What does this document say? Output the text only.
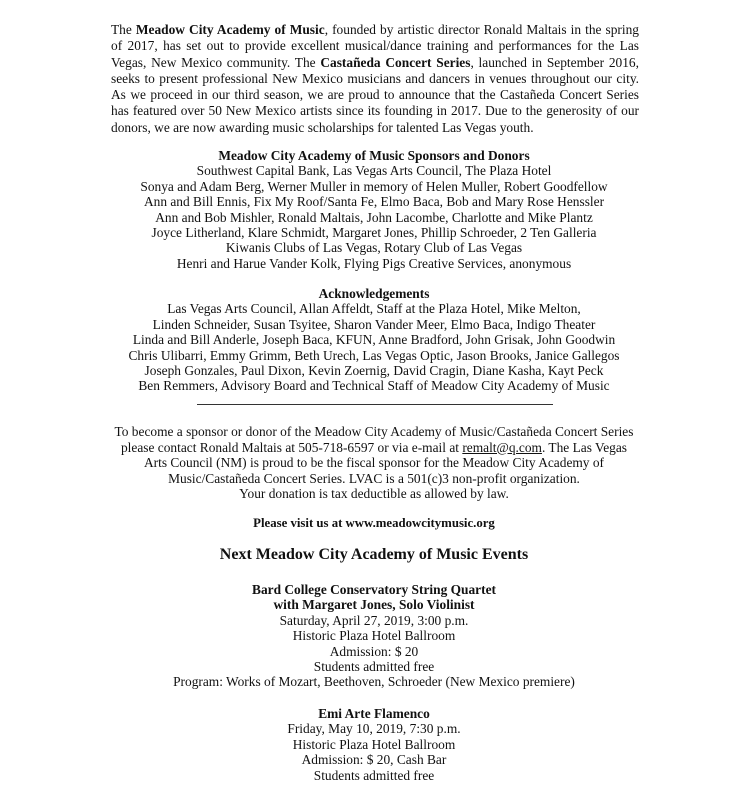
The Meadow City Academy of Music, founded by artistic director Ronald Maltais in the spring of 2017, has set out to provide excellent musical/dance training and performances for the Las Vegas, New Mexico community. The Castañeda Concert Series, launched in September 2016, seeks to present professional New Mexico musicians and dancers in venues throughout our city. As we proceed in our third season, we are proud to announce that the Castañeda Concert Series has featured over 50 New Mexico artists since its founding in 2017. Due to the generosity of our donors, we are now awarding music scholarships for talented Las Vegas youth.

Meadow City Academy of Music Sponsors and Donors
Southwest Capital Bank, Las Vegas Arts Council, The Plaza Hotel
Sonya and Adam Berg, Werner Muller in memory of Helen Muller, Robert Goodfellow
Ann and Bill Ennis, Fix My Roof/Santa Fe, Elmo Baca, Bob and Mary Rose Henssler
Ann and Bob Mishler, Ronald Maltais, John Lacombe, Charlotte and Mike Plantz
Joyce Litherland, Klare Schmidt, Margaret Jones, Phillip Schroeder, 2 Ten Galleria
Kiwanis Clubs of Las Vegas, Rotary Club of Las Vegas
Henri and Harue Vander Kolk, Flying Pigs Creative Services, anonymous
Acknowledgements
Las Vegas Arts Council, Allan Affeldt, Staff at the Plaza Hotel, Mike Melton,
Linden Schneider, Susan Tsyitee, Sharon Vander Meer, Elmo Baca, Indigo Theater
Linda and Bill Anderle, Joseph Baca, KFUN, Anne Bradford, John Grisak, John Goodwin
Chris Ulibarri, Emmy Grimm, Beth Urech, Las Vegas Optic, Jason Brooks, Janice Gallegos
Joseph Gonzales, Paul Dixon, Kevin Zoernig, David Cragin, Diane Kasha, Kayt Peck
Ben Remmers, Advisory Board and Technical Staff of Meadow City Academy of Music
To become a sponsor or donor of the Meadow City Academy of Music/Castañeda Concert Series
please contact Ronald Maltais at 505-718-6597 or via e-mail at remalt@q.com. The Las Vegas
Arts Council (NM) is proud to be the fiscal sponsor for the Meadow City Academy of
Music/Castañeda Concert Series. LVAC is a 501(c)3 non-profit organization.
Your donation is tax deductible as allowed by law.
Please visit us at www.meadowcitymusic.org
Next Meadow City Academy of Music Events
Bard College Conservatory String Quartet
with Margaret Jones, Solo Violinist
Saturday, April 27, 2019, 3:00 p.m.
Historic Plaza Hotel Ballroom
Admission: $ 20
Students admitted free
Program: Works of Mozart, Beethoven, Schroeder (New Mexico premiere)
Emi Arte Flamenco
Friday, May 10, 2019, 7:30 p.m.
Historic Plaza Hotel Ballroom
Admission: $ 20, Cash Bar
Students admitted free
